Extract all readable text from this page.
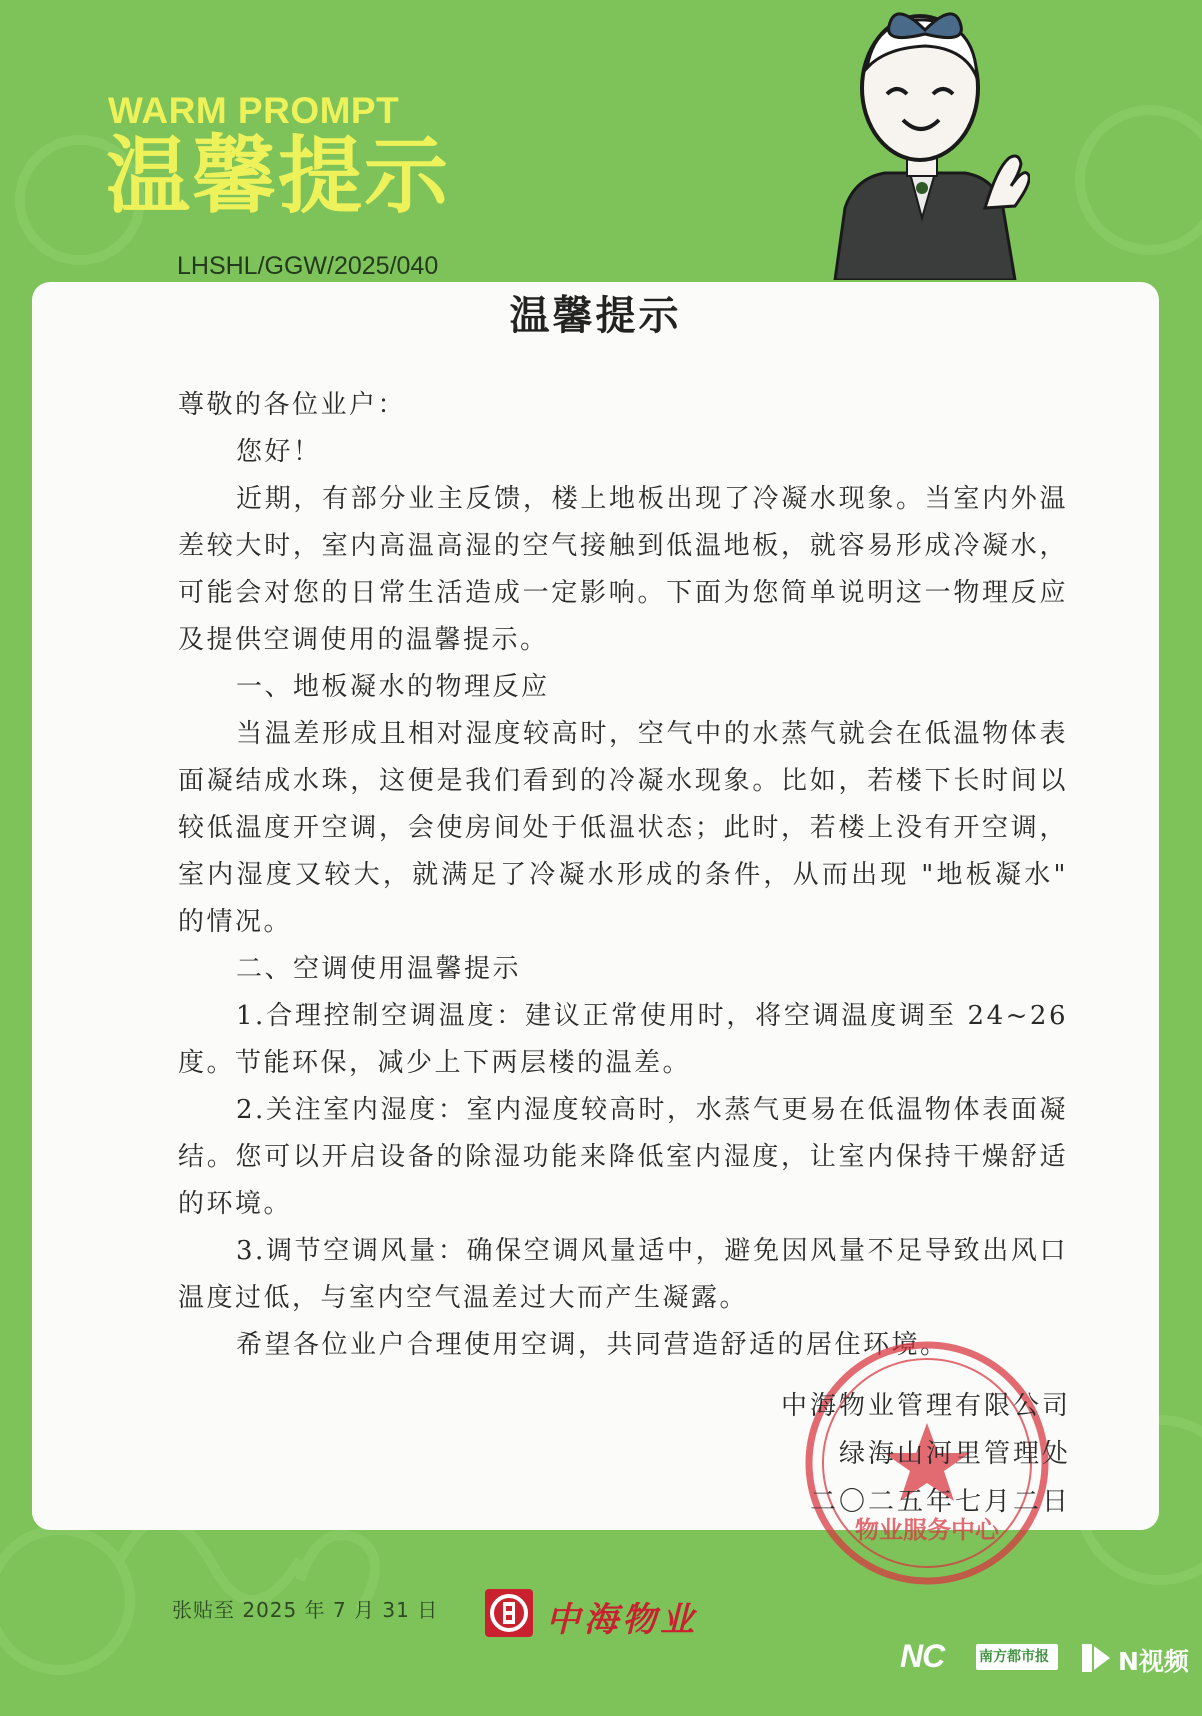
WARM PROMPT
温馨提示
LHSHL/GGW/2025/040
温馨提示

尊敬的各位业户：

您好！

近期，有部分业主反馈，楼上地板出现了冷凝水现象。当室内外温差较大时，室内高温高湿的空气接触到低温地板，就容易形成冷凝水，可能会对您的日常生活造成一定影响。下面为您简单说明这一物理反应及提供空调使用的温馨提示。

一、地板凝水的物理反应

当温差形成且相对湿度较高时，空气中的水蒸气就会在低温物体表面凝结成水珠，这便是我们看到的冷凝水现象。比如，若楼下长时间以较低温度开空调，会使房间处于低温状态；此时，若楼上没有开空调，室内湿度又较大，就满足了冷凝水形成的条件，从而出现 "地板凝水" 的情况。

二、空调使用温馨提示

1.合理控制空调温度：建议正常使用时，将空调温度调至 24~26 度。节能环保，减少上下两层楼的温差。

2.关注室内湿度：室内湿度较高时，水蒸气更易在低温物体表面凝结。您可以开启设备的除湿功能来降低室内湿度，让室内保持干燥舒适的环境。

3.调节空调风量：确保空调风量适中，避免因风量不足导致出风口温度过低，与室内空气温差过大而产生凝露。

希望各位业户合理使用空调，共同营造舒适的居住环境。

物业服务中心

中海物业管理有限公司

绿海山河里管理处

二〇二五年七月二日

张贴至 2025 年 7 月 31 日	中海物业
NC 南方都市报	N视频
